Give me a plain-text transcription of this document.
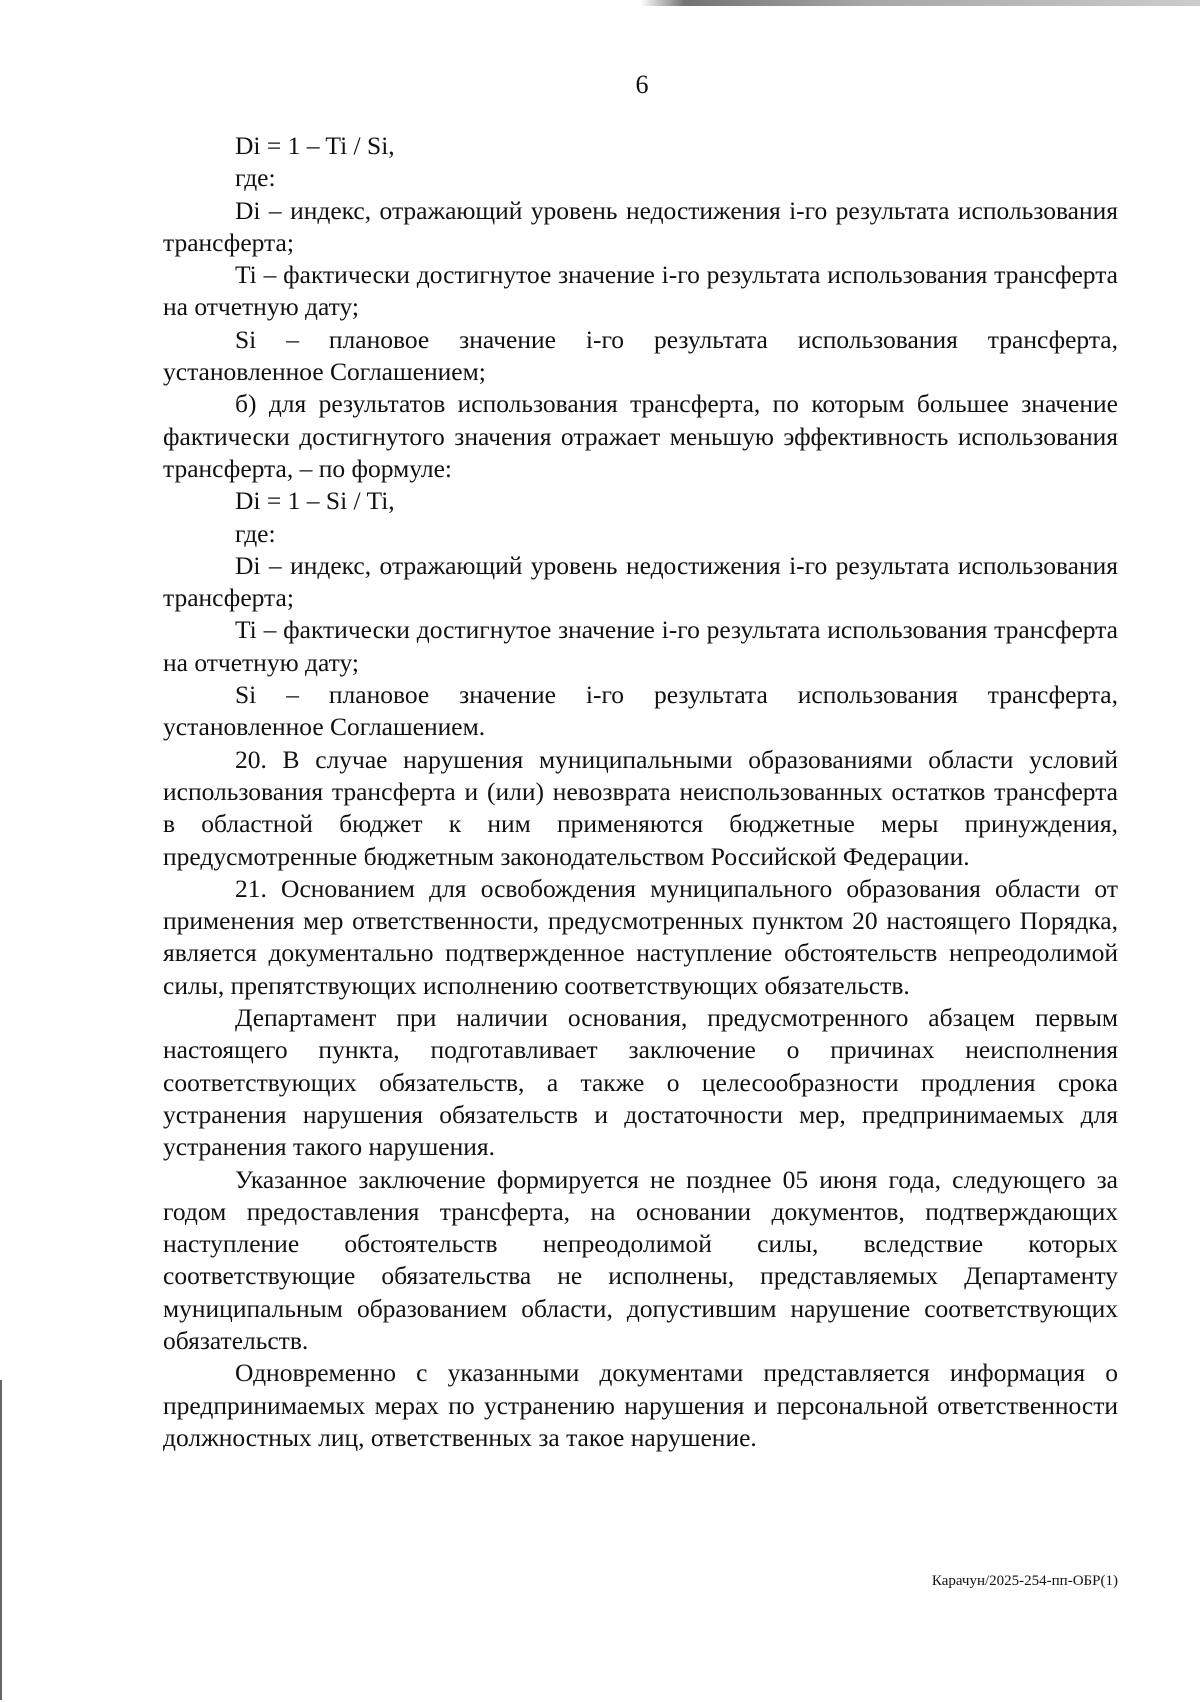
6

Di = 1 – Ti / Si,

где:

Di – индекс, отражающий уровень недостижения i-го результата использования трансферта;

Ti – фактически достигнутое значение i-го результата использования трансферта на отчетную дату;

Si – плановое значение i-го результата использования трансферта, установленное Соглашением;

б) для результатов использования трансферта, по которым большее значение фактически достигнутого значения отражает меньшую эффективность использования трансферта, – по формуле:

Di = 1 – Si / Ti,

где:

Di – индекс, отражающий уровень недостижения i-го результата использования трансферта;

Ti – фактически достигнутое значение i-го результата использования трансферта на отчетную дату;

Si – плановое значение i-го результата использования трансферта, установленное Соглашением.

20. В случае нарушения муниципальными образованиями области условий использования трансферта и (или) невозврата неиспользованных остатков трансферта в областной бюджет к ним применяются бюджетные меры принуждения, предусмотренные бюджетным законодательством Российской Федерации.

21. Основанием для освобождения муниципального образования области от применения мер ответственности, предусмотренных пунктом 20 настоящего Порядка, является документально подтвержденное наступление обстоятельств непреодолимой силы, препятствующих исполнению соответствующих обязательств.

Департамент при наличии основания, предусмотренного абзацем первым настоящего пункта, подготавливает заключение о причинах неисполнения соответствующих обязательств, а также о целесообразности продления срока устранения нарушения обязательств и достаточности мер, предпринимаемых для устранения такого нарушения.

Указанное заключение формируется не позднее 05 июня года, следующего за годом предоставления трансферта, на основании документов, подтверждающих наступление обстоятельств непреодолимой силы, вследствие которых соответствующие обязательства не исполнены, представляемых Департаменту муниципальным образованием области, допустившим нарушение соответствующих обязательств.

Одновременно с указанными документами представляется информация о предпринимаемых мерах по устранению нарушения и персональной ответственности должностных лиц, ответственных за такое нарушение.

Карачун/2025-254-пп-ОБР(1)
